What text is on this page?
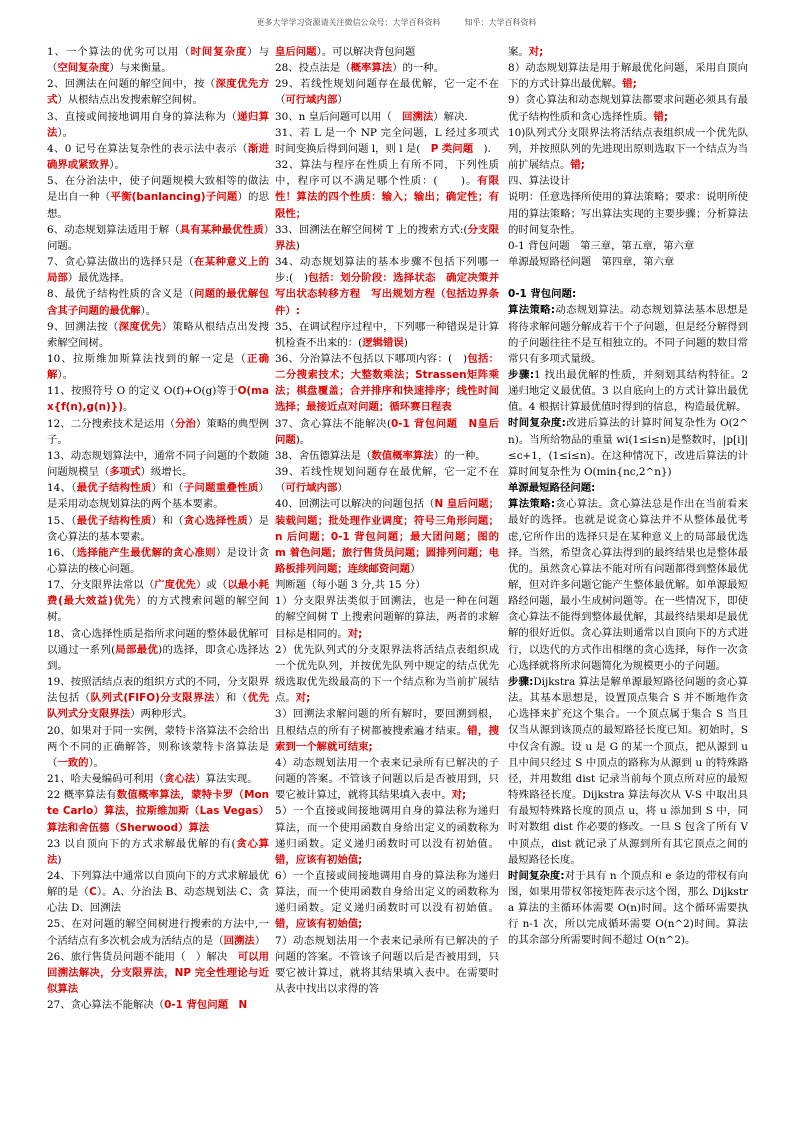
更多大学学习资源请关注微信公众号：大学百科资料　　　知乎：大学百科资料

1、一个算法的优劣可以用（时间复杂度）与（空间复杂度）与来衡量。

2、回溯法在问题的解空间中，按（深度优先方式）从根结点出发搜索解空间树。

3、直接或间接地调用自身的算法称为（递归算法）。

4、0 记号在算法复杂性的表示法中表示（渐进确界或紧致界）。

5、在分治法中，使子问题规模大致相等的做法是出自一种（平衡(banlancing)子问题）的思想。

6、动态规划算法适用于解（具有某种最优性质）问题。

7、贪心算法做出的选择只是（在某种意义上的局部）最优选择。

8、最优子结构性质的含义是（问题的最优解包含其子问题的最优解）。

9、回溯法按（深度优先）策略从根结点出发搜索解空间树。

10、拉斯维加斯算法找到的解一定是（正确解）。

11、按照符号 O 的定义 O(f)+O(g)等于O(max{f(n),g(n)})。

12、二分搜索技术是运用（分治）策略的典型例子。

13、动态规划算法中，通常不同子问题的个数随问题规模呈（多项式）级增长。

14、（最优子结构性质）和（子问题重叠性质）是采用动态规划算法的两个基本要素。

15、（最优子结构性质）和（贪心选择性质）是贪心算法的基本要素。

16、（选择能产生最优解的贪心准则）是设计贪心算法的核心问题。

17、分支限界法常以（广度优先）或（以最小耗费(最大效益)优先）的方式搜索问题的解空间树。

18、贪心选择性质是指所求问题的整体最优解可以通过一系列(局部最优)的选择，即贪心选择达到。

19、按照活结点表的组织方式的不同，分支限界法包括（队列式(FIFO)分支限界法）和（优先队列式分支限界法）两种形式。

20、如果对于同一实例，蒙特卡洛算法不会给出两个不同的正确解答，则称该蒙特卡洛算法是（一致的）。

21、哈夫曼编码可利用（贪心法）算法实现。

22 概率算法有数值概率算法，蒙特卡罗（Monte Carlo）算法，拉斯维加斯（Las Vegas）算法和舍伍德（Sherwood）算法

23 以自顶向下的方式求解最优解的有(贪心算法)

24、下列算法中通常以自顶向下的方式求解最优解的是（C）。A、分治法 B、动态规划法 C、贪心法 D、回溯法

25、在对问题的解空间树进行搜索的方法中,一个活结点有多次机会成为活结点的是（回溯法）

26、旅行售货员问题不能用（　）解决　可以用回溯法解决，分支限界法，NP 完全性理论与近似算法

27、贪心算法不能解决（0-1 背包问题　N

皇后问题）。可以解决背包问题

28、投点法是（概率算法）的一种。

29、若线性规划问题存在最优解，它一定不在（可行域内部）

30、n 皇后问题可以用（　回溯法）解决．

31、若 L 是一个 NP 完全问题，L 经过多项式时间变换后得到问题 l，则 l 是(　P 类问题　).

32、算法与程序在性质上有所不同，下列性质中，程序可以不满足哪个性质：(　　)。有限性！算法的四个性质：输入；输出；确定性；有限性；

33、回溯法在解空间树 T 上的搜索方式:(分支限界法)

34、动态规划算法的基本步骤不包括下列哪一步:(　)包括：划分阶段：选择状态　确定决策并写出状态转移方程　写出规划方程（包括边界条件）:

35、在调试程序过程中，下列哪一种错误是计算机检查不出来的：(逻辑错误)

36、分治算法不包括以下哪项内容：(　)包括：二分搜索技术；大整数乘法；Strassen矩阵乘法；棋盘覆盖；合并排序和快速排序；线性时间选择；最接近点对问题；循环赛日程表

37、贪心算法不能解决(0-1 背包问题　N皇后问题)。

38、舍伍德算法是（数值概率算法）的一种。

39、若线性规划问题存在最优解，它一定不在（可行域内部）

40、回溯法可以解决的问题包括（N 皇后问题；装载问题；批处理作业调度；符号三角形问题；n 后问题；0-1 背包问题；最大团问题；图的 m 着色问题；旅行售货员问题；圆排列问题；电路板排列问题；连续邮资问题）

判断题（每小题 3 分,共 15 分）

1）分支限界法类似于回溯法，也是一种在问题的解空间树 T 上搜索问题解的算法，两者的求解目标是相同的。对;

2）优先队列式的分支限界法将活结点表组织成一个优先队列，并按优先队列中规定的结点优先级选取优先级最高的下一个结点称为当前扩展结点。对;

3）回溯法求解问题的所有解时，要回溯到根，且根结点的所有子树都被搜索遍才结束。错，搜索到一个解就可结束;

4）动态规划法用一个表来记录所有已解决的子问题的答案。不管该子问题以后是否被用到，只要它被计算过，就将其结果填入表中。对;

5）一个直接或间接地调用自身的算法称为递归算法，而一个使用函数自身给出定义的函数称为递归函数。定义递归函数时可以没有初始值。错，应该有初始值;

6）一个直接或间接地调用自身的算法称为递归算法，而一个使用函数自身给出定义的函数称为递归函数。定义递归函数时可以没有初始值。错，应该有初始值;

7）动态规划法用一个表来记录所有已解决的子问题的答案。不管该子问题以后是否被用到，只要它被计算过，就将其结果填入表中。在需要时从表中找出以求得的答

案。对;

8）动态规划算法是用于解最优化问题，采用自顶向下的方式计算出最优解。错;

9）贪心算法和动态规划算法都要求问题必须具有最优子结构性质和贪心选择性质。错;

10)队列式分支限界法将活结点表组织成一个优先队列，并按照队列的先进现出原则选取下一个结点为当前扩展结点。错;

四、算法设计

说明：任意选择所使用的算法策略；要求：说明所使用的算法策略；写出算法实现的主要步骤；分析算法的时间复杂性。

0-1 背包问题　第三章，第五章，第六章

单源最短路径问题　第四章，第六章

0-1 背包问题:

算法策略:动态规划算法。动态规划算法基本思想是将待求解问题分解成若干个子问题，但是经分解得到的子问题往往不是互相独立的。不同子问题的数目常常只有多项式量级。

步骤:1 找出最优解的性质，并刻划其结构特征。2 递归地定义最优值。3 以自底向上的方式计算出最优值。4 根据计算最优值时得到的信息，构造最优解。

时间复杂度:改进后算法的计算时间复杂性为 O(2^n)。当所给物品的重量 wi(1≤i≤n)是整数时，|p[i]|≤c+1，(1≤i≤n)。在这种情况下，改进后算法的计算时间复杂性为 O(min{nc,2^n})

单源最短路径问题:

算法策略:贪心算法。贪心算法总是作出在当前看来最好的选择。也就是说贪心算法并不从整体最优考虑,它所作出的选择只是在某种意义上的局部最优选择。当然，希望贪心算法得到的最终结果也是整体最优的。虽然贪心算法不能对所有问题都得到整体最优解，但对许多问题它能产生整体最优解。如单源最短路经问题，最小生成树问题等。在一些情况下，即使贪心算法不能得到整体最优解，其最终结果却是最优解的很好近似。贪心算法则通常以自顶向下的方式进行，以迭代的方式作出相继的贪心选择，每作一次贪心选择就将所求问题简化为规模更小的子问题。

步骤:Dijkstra 算法是解单源最短路径问题的贪心算法。其基本思想是，设置顶点集合 S 并不断地作贪心选择来扩充这个集合。一个顶点属于集合 S 当且仅当从源到该顶点的最短路径长度已知。初始时，S 中仅含有源。设 u 是 G 的某一个顶点，把从源到 u 且中间只经过 S 中顶点的路称为从源到 u 的特殊路径，并用数组 dist 记录当前每个顶点所对应的最短特殊路径长度。Dijkstra 算法每次从 V-S 中取出具有最短特殊路长度的顶点 u，将 u 添加到 S 中，同时对数组 dist 作必要的修改。一旦 S 包含了所有 V 中顶点，dist 就记录了从源到所有其它顶点之间的最短路径长度。

时间复杂度:对于具有 n 个顶点和 e 条边的带权有向图，如果用带权邻接矩阵表示这个图，那么 Dijkstra 算法的主循环体需要 O(n)时间。这个循环需要执行 n-1 次，所以完成循环需要 O(n^2)时间。算法的其余部分所需要时间不超过 O(n^2)。
